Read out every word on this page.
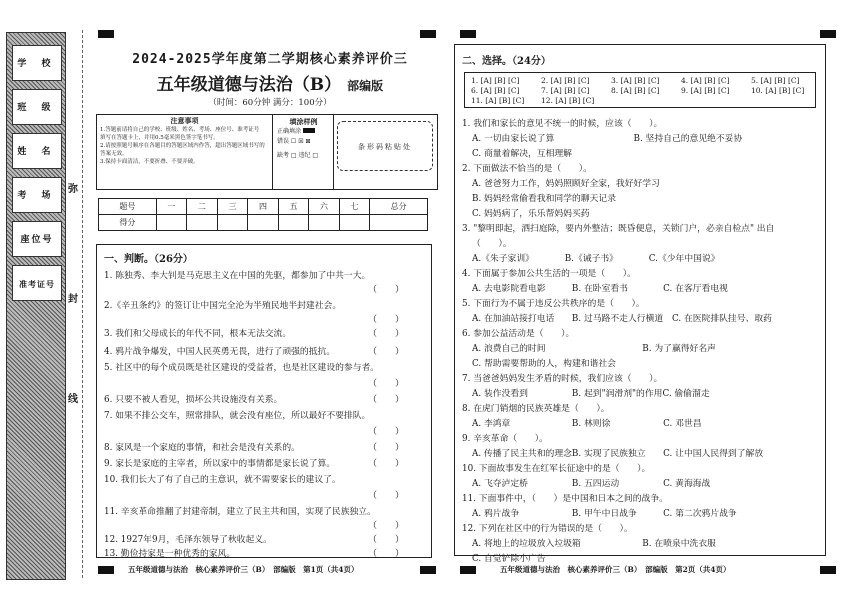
学 校
班 级
姓 名
考 场
座位号
准考证号
弥
封
线
2024-2025学年度第二学期核心素养评价三
五年级道德与法治（B） 部编版
（时间：60分钟 满分：100分）
注意事项
1.答题前请将自己的学校、班级、姓名、考场、座位号、准考证号
填写在答题卡上，并用0.5毫米黑色签字笔书写。
2.请按照题号顺序在各题目的答题区域内作答，超出答题区域书写的答案无效。
3.保持卡面清洁，不要折叠、不要弄破。
填涂样例
正确填涂
错误 ☐ ☒ ⊠
缺考 □ 违纪 □
条形码粘贴处
题号	一	二	三	四	五	六	七	总分
得分								
一、判断。（26分）
1. 陈独秀、李大钊是马克思主义在中国的先驱，都参加了中共一大。
（　　）
2.《辛丑条约》的签订让中国完全沦为半殖民地半封建社会。
（　　）
3. 我们和父母成长的年代不同，根本无法交流。	（　　）
4. 鸦片战争爆发，中国人民英勇无畏，进行了顽强的抵抗。	（　　）
5. 社区中的每个成员既是社区建设的受益者，也是社区建设的参与者。
（　　）
6. 只要不被人看见，损坏公共设施没有关系。	（　　）
7. 如果不排公交车，照常排队，就会没有座位，所以最好不要排队。
（　　）
8. 家风是一个家庭的事情，和社会是没有关系的。	（　　）
9. 家长是家庭的主宰者，所以家中的事情都是家长说了算。	（　　）
10. 我们长大了有了自己的主意识，就不需要家长的建议了。
（　　）
11. 辛亥革命推翻了封建帝制，建立了民主共和国，实现了民族独立。
（　　）
12. 1927年9月，毛泽东领导了秋收起义。	（　　）
13. 勤俭持家是一种优秀的家风。	（　　）
五年级道德与法治　核心素养评价三（B）　部编版　第1页（共4页）
二、选择。（24分）
1. [A] [B] [C]	2. [A] [B] [C]	3. [A] [B] [C]	4. [A] [B] [C]	5. [A] [B] [C]
6. [A] [B] [C]	7. [A] [B] [C]	8. [A] [B] [C]	9. [A] [B] [C]	10. [A] [B] [C]
11. [A] [B] [C] 12. [A] [B] [C]
1. 我们和家长的意见不统一的时候，应该（　　）。
A. 一切由家长说了算　　　　　　　　　B. 坚持自己的意见绝不妥协
C. 商量着解决，互相理解
2. 下面做法不恰当的是（　　）。
A. 爸爸努力工作，妈妈照顾好全家，我好好学习
B. 妈妈经常偷看我和同学的聊天记录
C. 妈妈病了，乐乐帮妈妈买药
3. "黎明即起，洒扫庭除，要内外整洁；既昏便息，关锁门户，必亲自检点" 出自
（　　）。
A.《朱子家训》　　　　B.《诫子书》　　　　C.《少年中国说》
4. 下面属于参加公共生活的一项是（　　）。
A. 去电影院看电影　　　B. 在卧室看书　　　　C. 在客厅看电视
5. 下面行为不属于违反公共秩序的是（　　）。
A. 在加油站接打电话　　B. 过马路不走人行横道　C. 在医院排队挂号、取药
6. 参加公益活动是（　　）。
A. 浪费自己的时间　　　　　　　　　　　B. 为了赢得好名声
C. 帮助需要帮助的人，构建和谐社会
7. 当爸爸妈妈发生矛盾的时候，我们应该（　　）。
A. 装作没看到　　　　　B. 起到"润滑剂"的作用C. 偷偷溜走
8. 在虎门销烟的民族英雄是（　　）。
A. 李鸿章　　　　　　　B. 林则徐　　　　　　C. 邓世昌
9. 辛亥革命（　　）。
A. 传播了民主共和的理念B. 实现了民族独立　　C. 让中国人民得到了解放
10. 下面故事发生在红军长征途中的是（　　）。
A. 飞夺泸定桥　　　　　B. 五四运动　　　　　C. 黄海海战
11. 下面事件中，（　　）是中国和日本之间的战争。
A. 鸦片战争　　　　　　B. 甲午中日战争　　　C. 第二次鸦片战争
12. 下列在社区中的行为错误的是（　　）。
A. 将地上的垃圾放入垃圾箱　　　　　　　B. 在喷泉中洗衣服
C. 自觉铲除小广告
五年级道德与法治　核心素养评价三（B）　部编版　第2页（共4页）
